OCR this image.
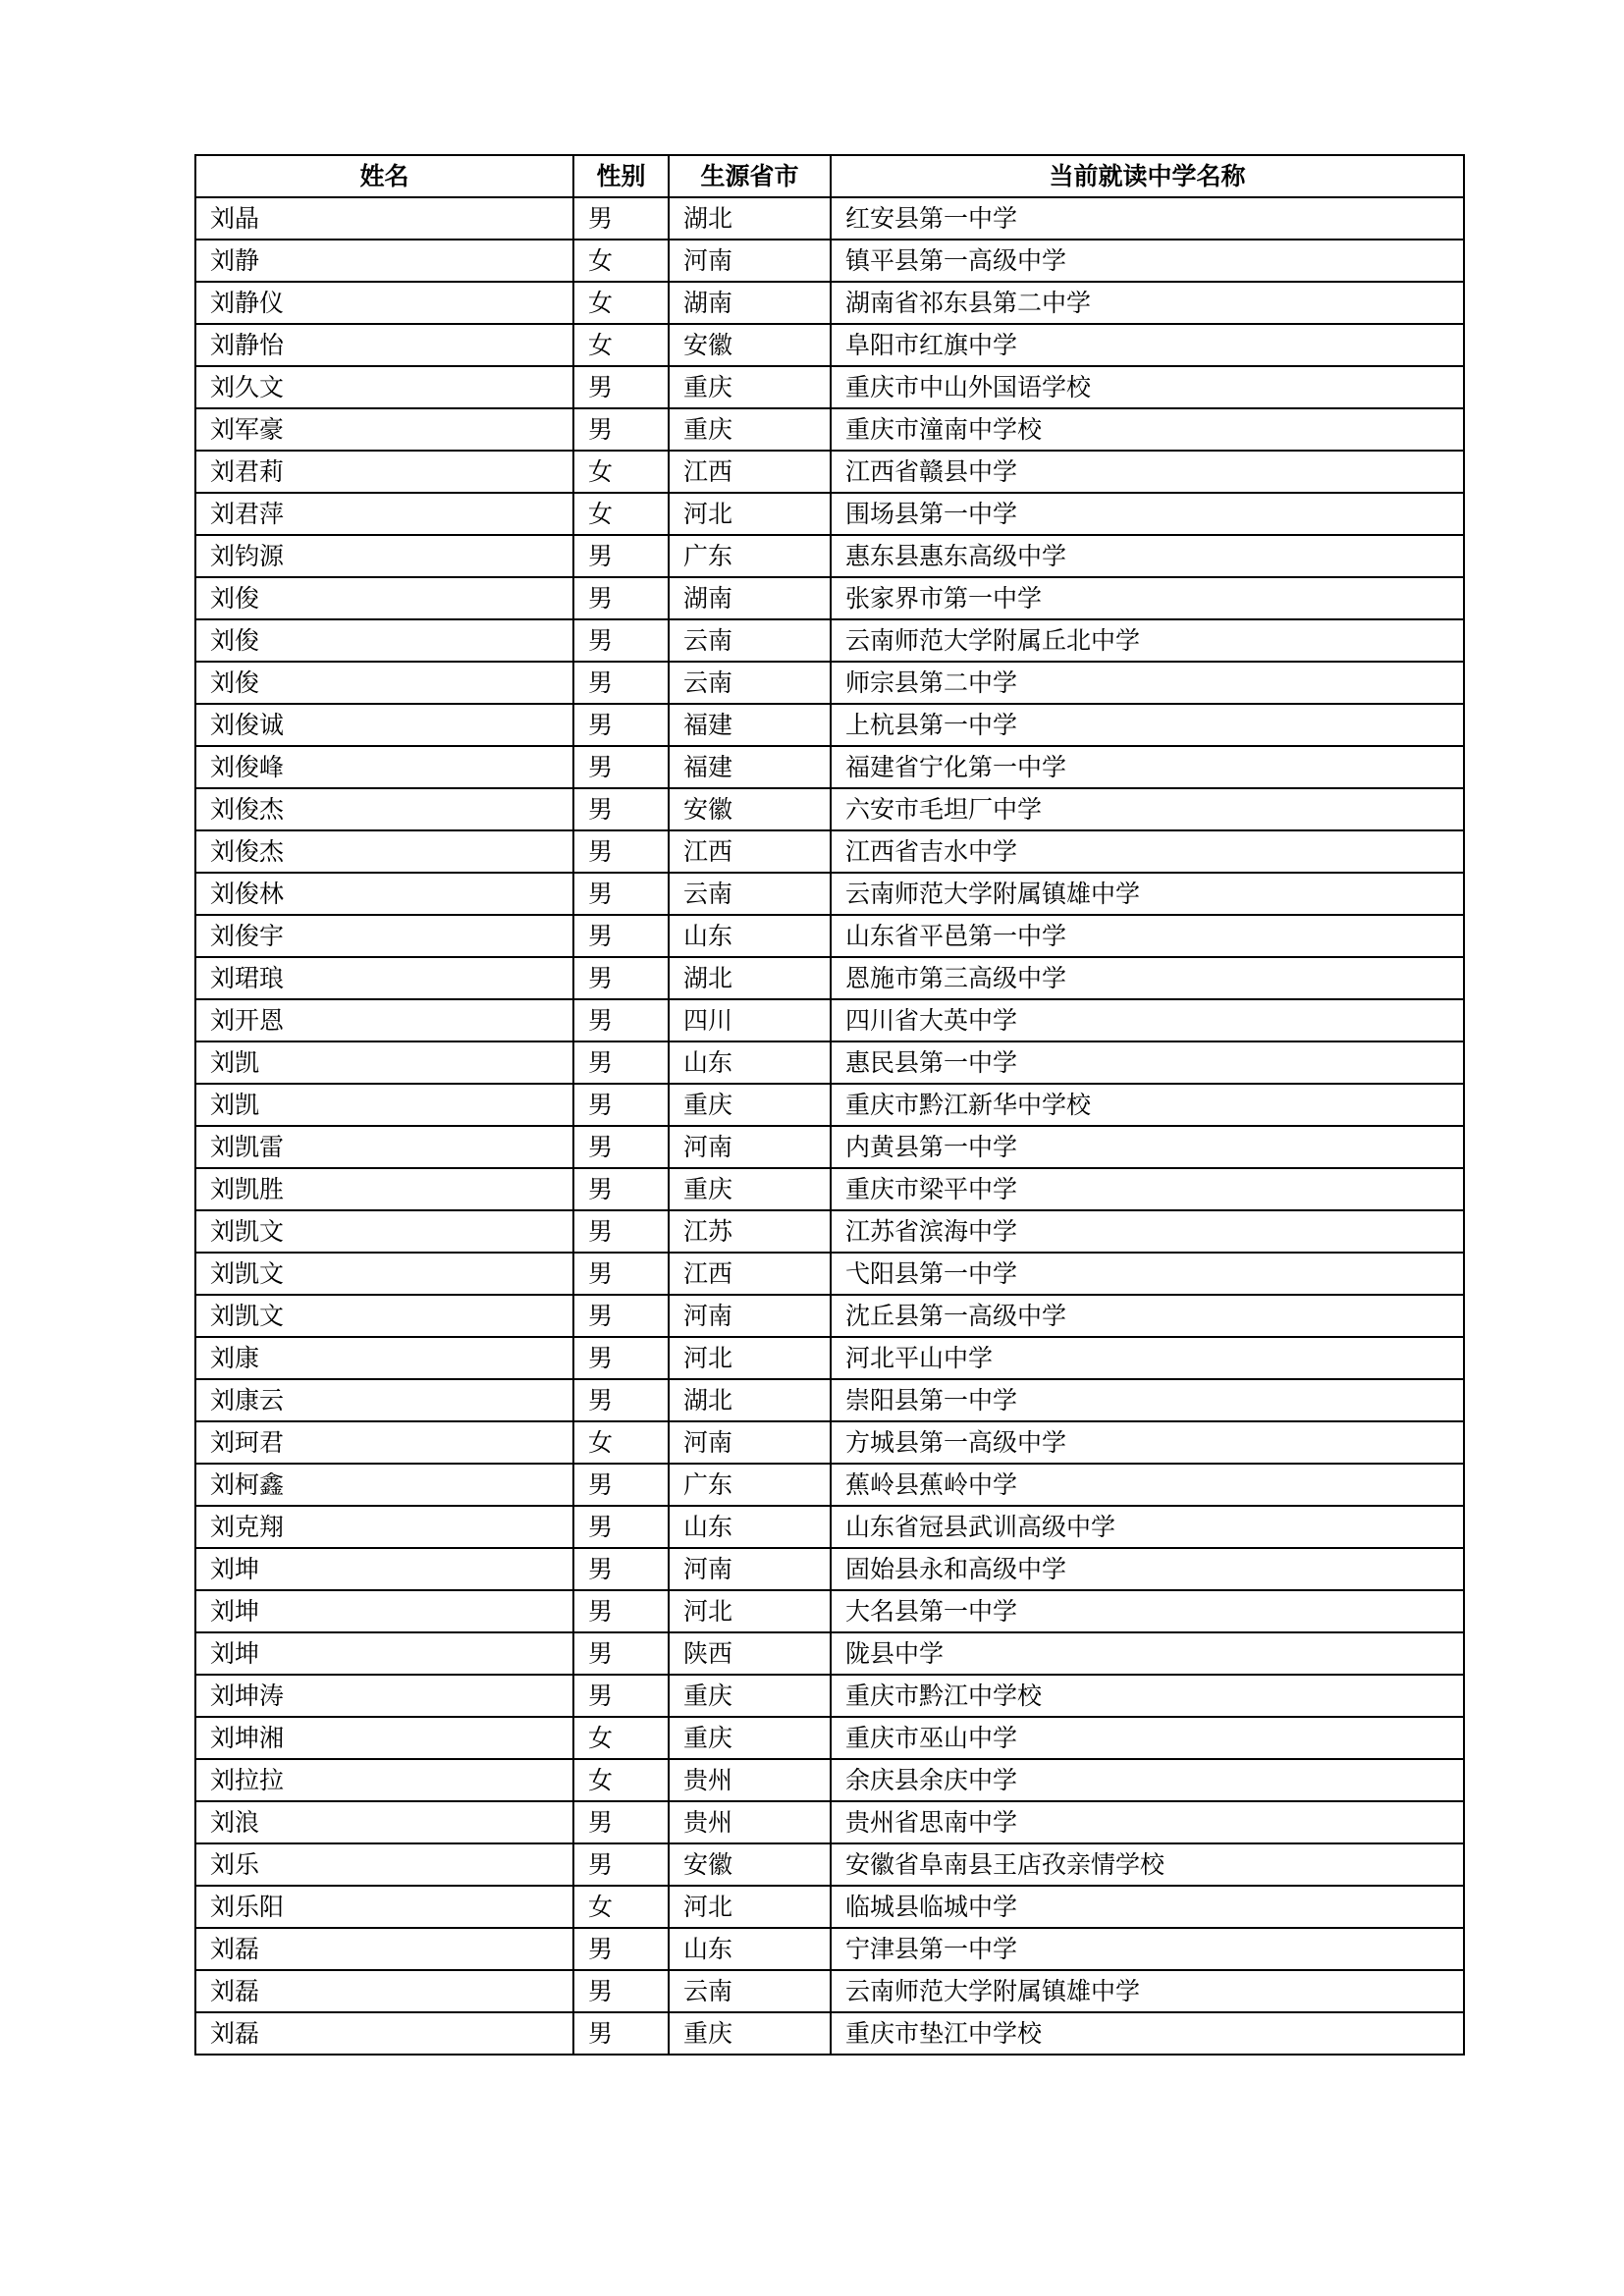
姓名	性别	生源省市	当前就读中学名称
刘晶	男	湖北	红安县第一中学
刘静	女	河南	镇平县第一高级中学
刘静仪	女	湖南	湖南省祁东县第二中学
刘静怡	女	安徽	阜阳市红旗中学
刘久文	男	重庆	重庆市中山外国语学校
刘军豪	男	重庆	重庆市潼南中学校
刘君莉	女	江西	江西省赣县中学
刘君萍	女	河北	围场县第一中学
刘钧源	男	广东	惠东县惠东高级中学
刘俊	男	湖南	张家界市第一中学
刘俊	男	云南	云南师范大学附属丘北中学
刘俊	男	云南	师宗县第二中学
刘俊诚	男	福建	上杭县第一中学
刘俊峰	男	福建	福建省宁化第一中学
刘俊杰	男	安徽	六安市毛坦厂中学
刘俊杰	男	江西	江西省吉水中学
刘俊林	男	云南	云南师范大学附属镇雄中学
刘俊宇	男	山东	山东省平邑第一中学
刘珺琅	男	湖北	恩施市第三高级中学
刘开恩	男	四川	四川省大英中学
刘凯	男	山东	惠民县第一中学
刘凯	男	重庆	重庆市黔江新华中学校
刘凯雷	男	河南	内黄县第一中学
刘凯胜	男	重庆	重庆市梁平中学
刘凯文	男	江苏	江苏省滨海中学
刘凯文	男	江西	弋阳县第一中学
刘凯文	男	河南	沈丘县第一高级中学
刘康	男	河北	河北平山中学
刘康云	男	湖北	崇阳县第一中学
刘珂君	女	河南	方城县第一高级中学
刘柯鑫	男	广东	蕉岭县蕉岭中学
刘克翔	男	山东	山东省冠县武训高级中学
刘坤	男	河南	固始县永和高级中学
刘坤	男	河北	大名县第一中学
刘坤	男	陕西	陇县中学
刘坤涛	男	重庆	重庆市黔江中学校
刘坤湘	女	重庆	重庆市巫山中学
刘拉拉	女	贵州	余庆县余庆中学
刘浪	男	贵州	贵州省思南中学
刘乐	男	安徽	安徽省阜南县王店孜亲情学校
刘乐阳	女	河北	临城县临城中学
刘磊	男	山东	宁津县第一中学
刘磊	男	云南	云南师范大学附属镇雄中学
刘磊	男	重庆	重庆市垫江中学校
